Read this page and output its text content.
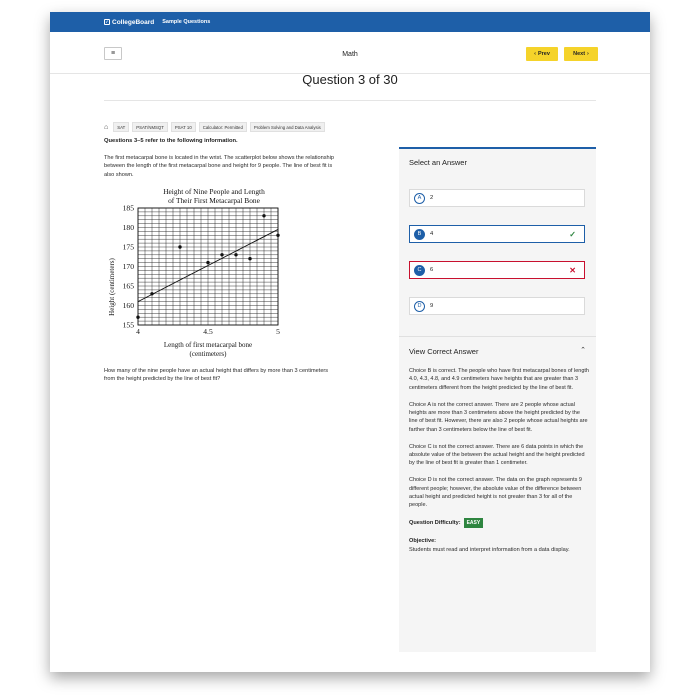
✓ CollegeBoard Sample Questions
≡	Math	‹ Prev	Next ›
Question 3 of 30
⌂	SAT	PSAT/NMSQT	PSAT 10	Calculator: Permitted	Problem Solving and Data Analysis
Questions 3–5 refer to the following information.
The first metacarpal bone is located in the wrist. The scatterplot below shows the relationship between the length of the first metacarpal bone and height for 9 people. The line of best fit is also shown.
Height of Nine People and Length
of Their First Metacarpal Bone
155
160
165
170
175
180
185
4	4.5	5
Height (centimeters)
Length of first metacarpal bone
(centimeters)
How many of the nine people have an actual height that differs by more than 3 centimeters from the height predicted by the line of best fit?
Select an Answer
A	2
B	4	✓
C	6	✕
D	9
View Correct Answer	⌃

Choice B is correct. The people who have first metacarpal bones of length 4.0, 4.3, 4.8, and 4.9 centimeters have heights that are greater than 3 centimeters different from the height predicted by the line of best fit.

Choice A is not the correct answer. There are 2 people whose actual heights are more than 3 centimeters above the height predicted by the line of best fit. However, there are also 2 people whose actual heights are farther than 3 centimeters below the line of best fit.

Choice C is not the correct answer. There are 6 data points in which the absolute value of the between the actual height and the height predicted by the line of best fit is greater than 1 centimeter.

Choice D is not the correct answer. The data on the graph represents 9 different people; however, the absolute value of the difference between actual height and predicted height is not greater than 3 for all of the people.

Question Difficulty:	EASY
Objective:
Students must read and interpret information from a data display.
